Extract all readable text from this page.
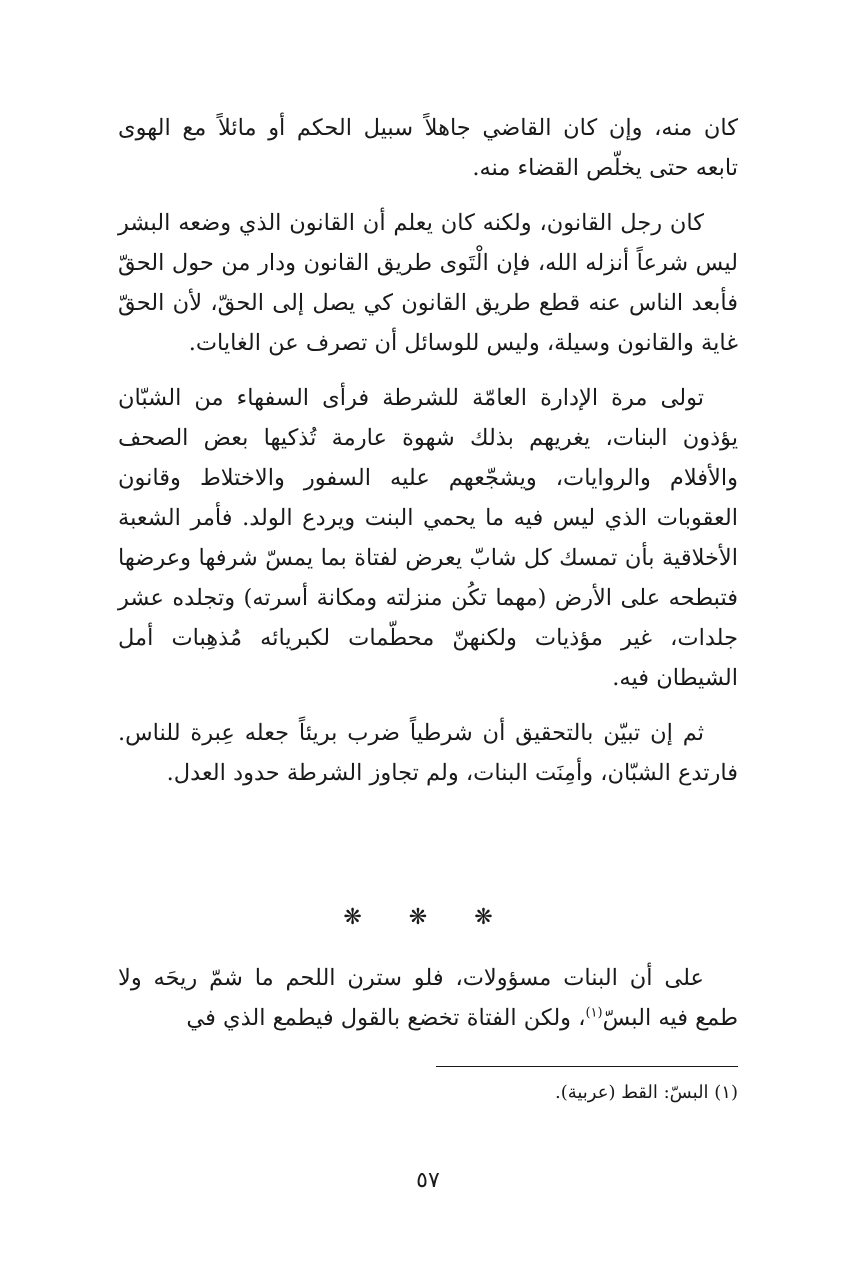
كان منه، وإن كان القاضي جاهلاً سبيل الحكم أو مائلاً مع الهوى تابعه حتى يخلّص القضاء منه.

كان رجل القانون، ولكنه كان يعلم أن القانون الذي وضعه البشر ليس شرعاً أنزله الله، فإن الْتَوى طريق القانون ودار من حول الحقّ فأبعد الناس عنه قطع طريق القانون كي يصل إلى الحقّ، لأن الحقّ غاية والقانون وسيلة، وليس للوسائل أن تصرف عن الغايات.

تولى مرة الإدارة العامّة للشرطة فرأى السفهاء من الشبّان يؤذون البنات، يغريهم بذلك شهوة عارمة تُذكيها بعض الصحف والأفلام والروايات، ويشجّعهم عليه السفور والاختلاط وقانون العقوبات الذي ليس فيه ما يحمي البنت ويردع الولد. فأمر الشعبة الأخلاقية بأن تمسك كل شابّ يعرض لفتاة بما يمسّ شرفها وعرضها فتبطحه على الأرض (مهما تكُن منزلته ومكانة أسرته) وتجلده عشر جلدات، غير مؤذيات ولكنهنّ محطّمات لكبريائه مُذهِبات أمل الشيطان فيه.

ثم إن تبيّن بالتحقيق أن شرطياً ضرب بريئاً جعله عِبرة للناس. فارتدع الشبّان، وأمِنَت البنات، ولم تجاوز الشرطة حدود العدل.

❋ ❋ ❋

على أن البنات مسؤولات، فلو سترن اللحم ما شمّ ريحَه ولا طمع فيه البسّ$^{(١)}$، ولكن الفتاة تخضع بالقول فيطمع الذي في

(١) البسّ: القط (عربية).
٥٧
